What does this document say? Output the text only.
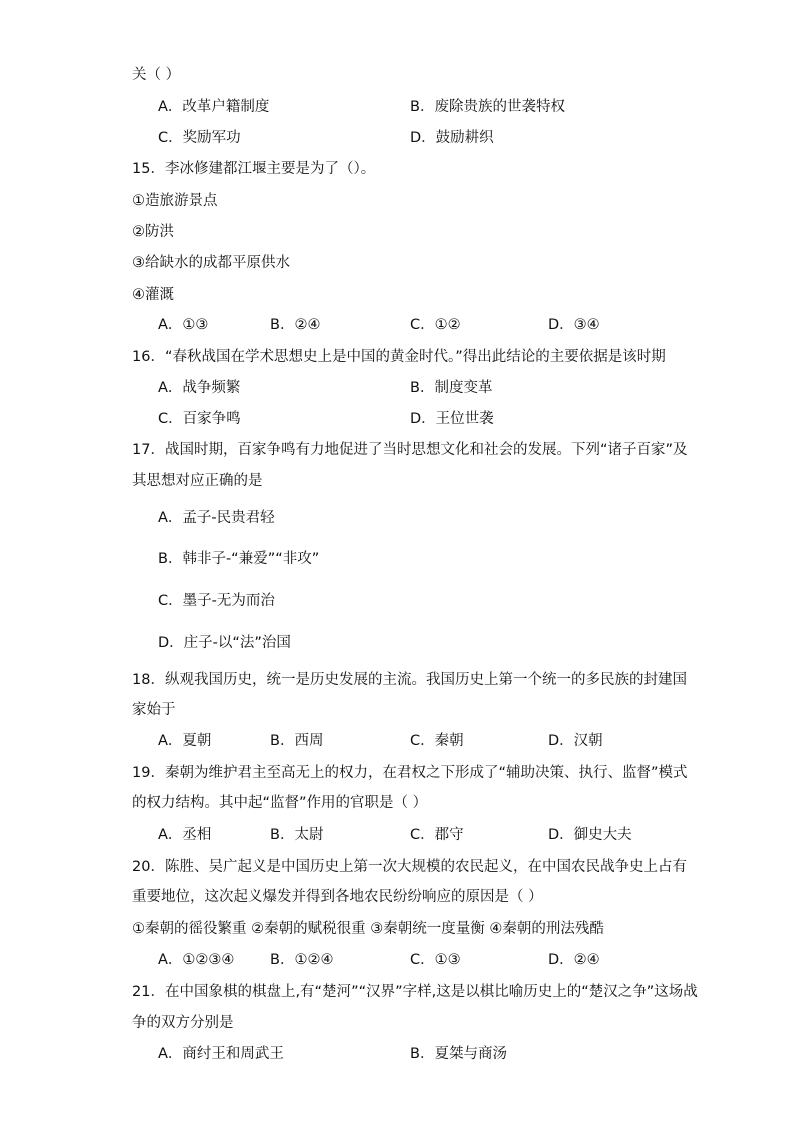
关（ ）
A．改革户籍制度	B．废除贵族的世袭特权
C．奖励军功	D．鼓励耕织
15．李冰修建都江堰主要是为了（）。
①造旅游景点
②防洪
③给缺水的成都平原供水
④灌溉
A．①③	B．②④	C．①②	D．③④
16．“春秋战国在学术思想史上是中国的黄金时代。”得出此结论的主要依据是该时期
A．战争频繁	B．制度变革
C．百家争鸣	D．王位世袭
17．战国时期，百家争鸣有力地促进了当时思想文化和社会的发展。下列“诸子百家”及
其思想对应正确的是
A．孟子-民贵君轻
B．韩非子-“兼爱”“非攻”
C．墨子-无为而治
D．庄子-以“法”治国
18．纵观我国历史，统一是历史发展的主流。我国历史上第一个统一的多民族的封建国
家始于
A．夏朝	B．西周	C．秦朝	D．汉朝
19．秦朝为维护君主至高无上的权力，在君权之下形成了“辅助决策、执行、监督”模式
的权力结构。其中起“监督”作用的官职是（ ）
A．丞相	B．太尉	C．郡守	D．御史大夫
20．陈胜、吴广起义是中国历史上第一次大规模的农民起义，在中国农民战争史上占有
重要地位，这次起义爆发并得到各地农民纷纷响应的原因是（ ）
①秦朝的徭役繁重 ②秦朝的赋税很重 ③秦朝统一度量衡 ④秦朝的刑法残酷
A．①②③④ B．①②④	C．①③	D．②④
21．在中国象棋的棋盘上,有“楚河”“汉界”字样,这是以棋比喻历史上的“楚汉之争”这场战
争的双方分别是
A．商纣王和周武王	B．夏桀与商汤
